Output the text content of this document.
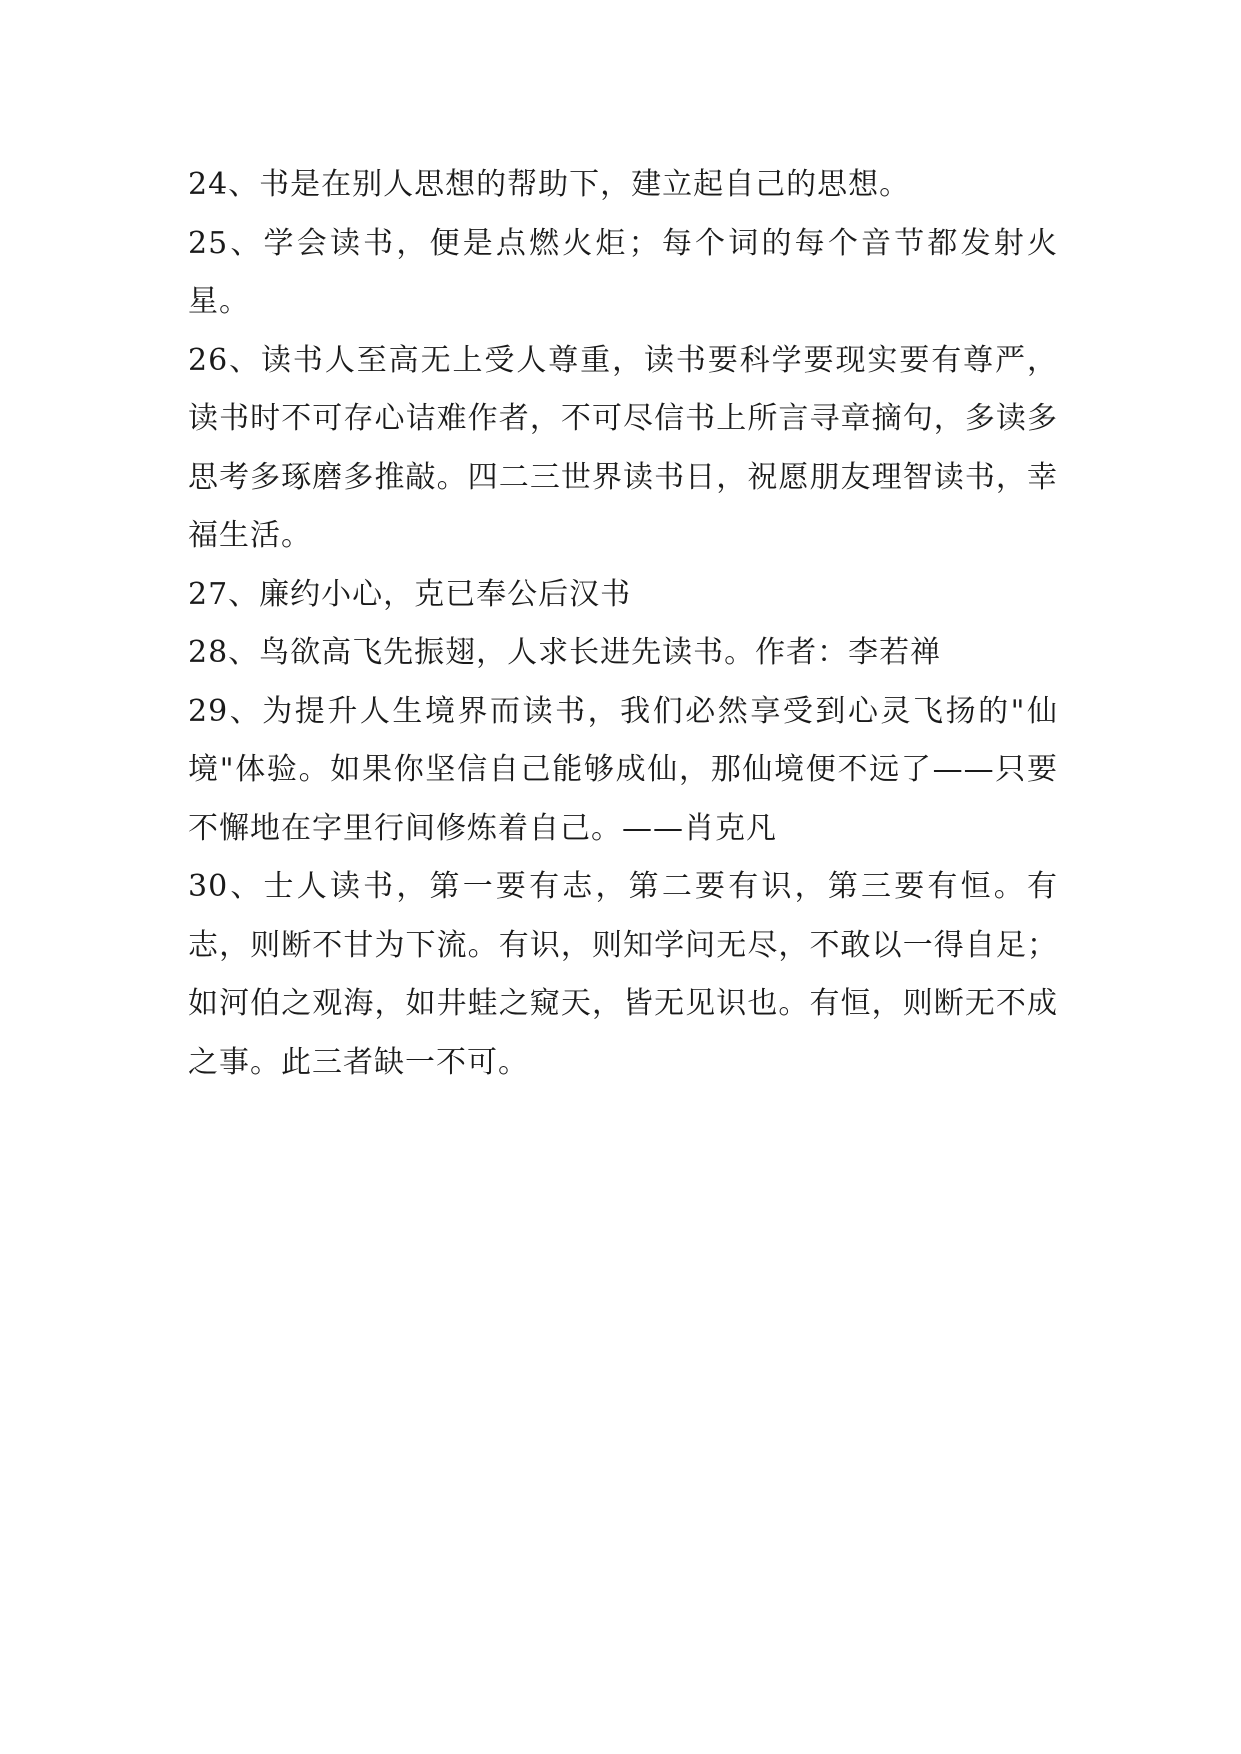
24、书是在别人思想的帮助下，建立起自己的思想。

25、学会读书，便是点燃火炬；每个词的每个音节都发射火星。

26、读书人至高无上受人尊重，读书要科学要现实要有尊严，读书时不可存心诘难作者，不可尽信书上所言寻章摘句，多读多思考多琢磨多推敲。四二三世界读书日，祝愿朋友理智读书，幸福生活。

27、廉约小心，克已奉公后汉书

28、鸟欲高飞先振翅，人求长进先读书。作者：李若禅

29、为提升人生境界而读书，我们必然享受到心灵飞扬的"仙境"体验。如果你坚信自己能够成仙，那仙境便不远了——只要不懈地在字里行间修炼着自己。——肖克凡

30、士人读书，第一要有志，第二要有识，第三要有恒。有志，则断不甘为下流。有识，则知学问无尽，不敢以一得自足；如河伯之观海，如井蛙之窥天，皆无见识也。有恒，则断无不成之事。此三者缺一不可。
